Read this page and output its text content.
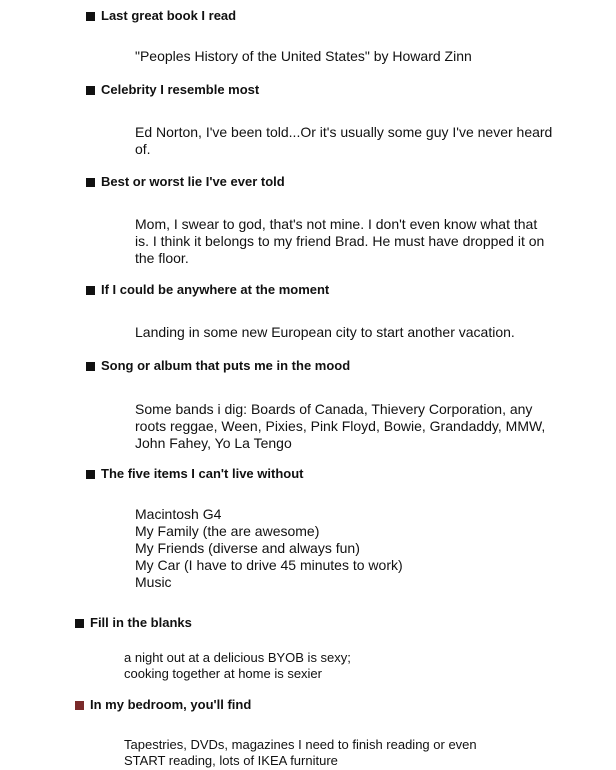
Last great book I read
"Peoples History of the United States" by Howard Zinn
Celebrity I resemble most
Ed Norton, I've been told...Or it's usually some guy I've never heard
of.
Best or worst lie I've ever told
Mom, I swear to god, that's not mine. I don't even know what that
is. I think it belongs to my friend Brad. He must have dropped it on
the floor.
If I could be anywhere at the moment
Landing in some new European city to start another vacation.
Song or album that puts me in the mood
Some bands i dig: Boards of Canada, Thievery Corporation, any
roots reggae, Ween, Pixies, Pink Floyd, Bowie, Grandaddy, MMW,
John Fahey, Yo La Tengo
The five items I can't live without
Macintosh G4
My Family (the are awesome)
My Friends (diverse and always fun)
My Car (I have to drive 45 minutes to work)
Music
Fill in the blanks
a night out at a delicious BYOB is sexy;
cooking together at home is sexier
In my bedroom, you'll find
Tapestries, DVDs, magazines I need to finish reading or even
START reading, lots of IKEA furniture
